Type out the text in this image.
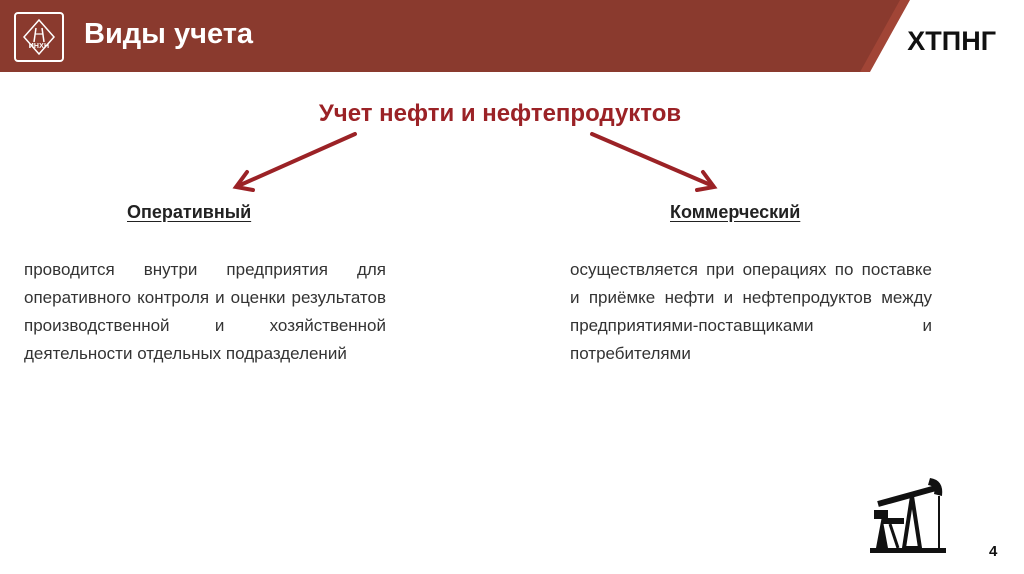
ИНХН	Виды учета	ХТПНГ
Учет нефти и нефтепродуктов
Оперативный
проводится внутри предприятия для оперативного контроля и оценки результатов производственной и хозяйственной деятельности отдельных подразделений
Коммерческий
осуществляется при операциях по поставке и приёмке нефти и нефтепродуктов между предприятиями-поставщиками и потребителями
4
